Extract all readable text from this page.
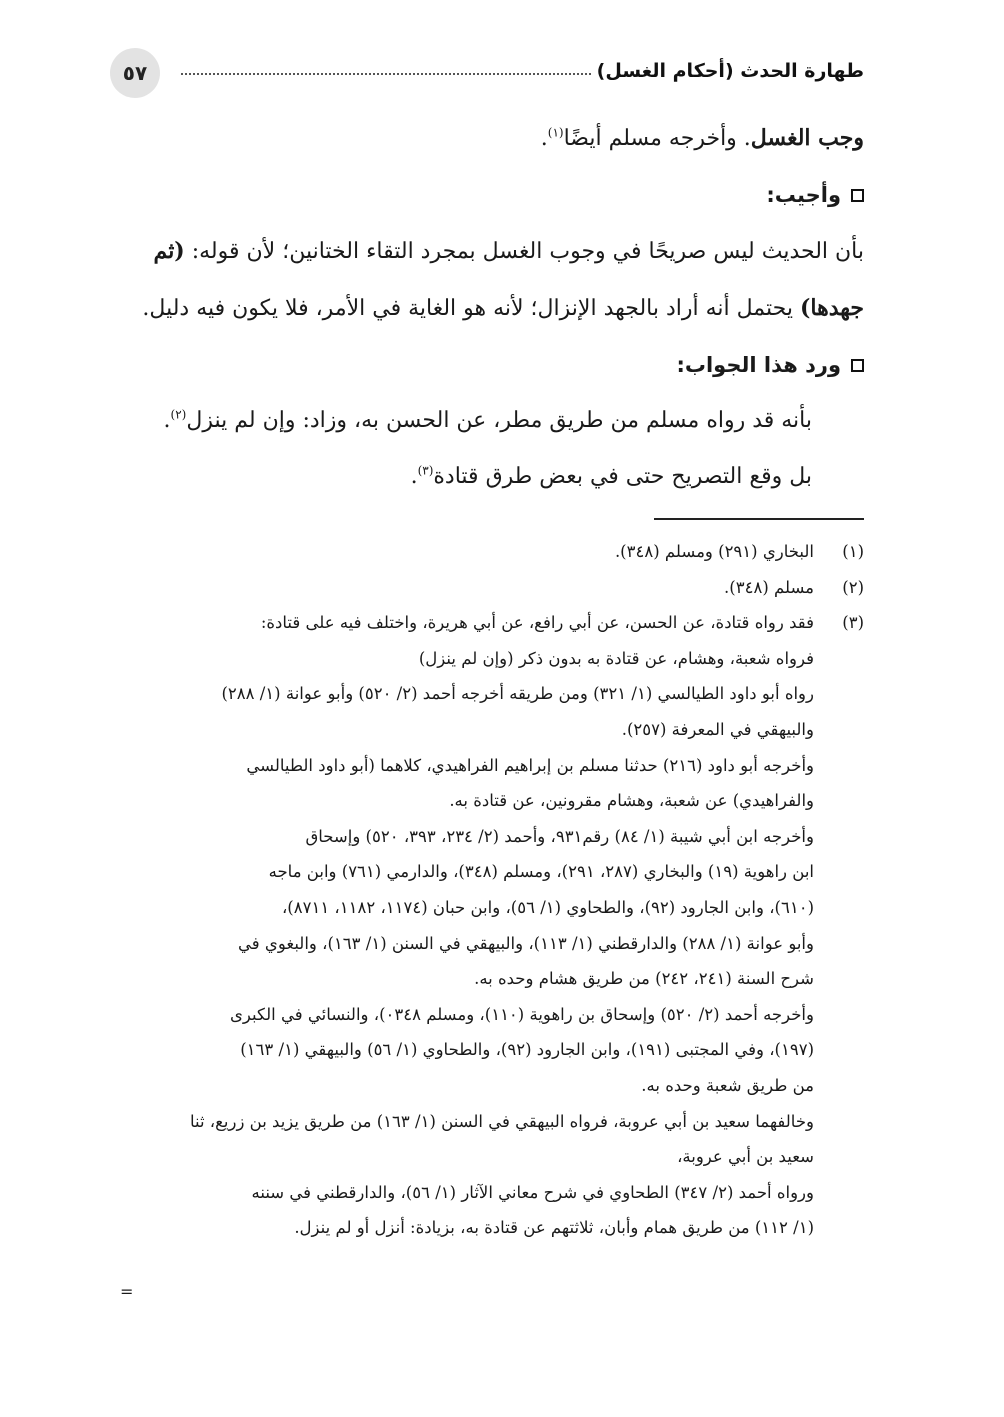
٥٧	طهارة الحدث (أحكام الغسل)

وجب الغسل. وأخرجه مسلم أيضًا$^{(١)}$.

وأجيب:

بأن الحديث ليس صريحًا في وجوب الغسل بمجرد التقاء الختانين؛ لأن قوله: (ثم
جهدها) يحتمل أنه أراد بالجهد الإنزال؛ لأنه هو الغاية في الأمر، فلا يكون فيه دليل.

ورد هذا الجواب:

بأنه قد رواه مسلم من طريق مطر، عن الحسن به، وزاد: وإن لم ينزل$^{(٢)}$.

بل وقع التصريح حتى في بعض طرق قتادة$^{(٣)}$.

(١)
البخاري (٢٩١) ومسلم (٣٤٨).
(٢)
مسلم (٣٤٨).
(٣)
فقد رواه قتادة، عن الحسن، عن أبي رافع، عن أبي هريرة، واختلف فيه على قتادة:
فرواه شعبة، وهشام، عن قتادة به بدون ذكر (وإن لم ينزل)
رواه أبو داود الطيالسي (١/ ٣٢١) ومن طريقه أخرجه أحمد (٢/ ٥٢٠) وأبو عوانة (١/ ٢٨٨)
والبيهقي في المعرفة (٢٥٧).
وأخرجه أبو داود (٢١٦) حدثنا مسلم بن إبراهيم الفراهيدي، كلاهما (أبو داود الطيالسي
والفراهيدي) عن شعبة، وهشام مقرونين، عن قتادة به.
وأخرجه ابن أبي شيبة (١/ ٨٤) رقم٩٣١، وأحمد (٢/ ٢٣٤، ٣٩٣، ٥٢٠) وإسحاق
ابن راهوية (١٩) والبخاري (٢٨٧، ٢٩١)، ومسلم (٣٤٨)، والدارمي (٧٦١) وابن ماجه
(٦١٠)، وابن الجارود (٩٢)، والطحاوي (١/ ٥٦)، وابن حبان (١١٧٤، ١١٨٢، ٨٧١١)،
وأبو عوانة (١/ ٢٨٨) والدارقطني (١/ ١١٣)، والبيهقي في السنن (١/ ١٦٣)، والبغوي في
شرح السنة (٢٤١، ٢٤٢) من طريق هشام وحده به.
وأخرجه أحمد (٢/ ٥٢٠) وإسحاق بن راهوية (١١٠)، ومسلم ٠٣٤٨)، والنسائي في الكبرى
(١٩٧)، وفي المجتبى (١٩١)، وابن الجارود (٩٢)، والطحاوي (١/ ٥٦) والبيهقي (١/ ١٦٣)
من طريق شعبة وحده به.
وخالفهما سعيد بن أبي عروبة، فرواه البيهقي في السنن (١/ ١٦٣) من طريق يزيد بن زريع، ثنا
سعيد بن أبي عروبة،
ورواه أحمد (٢/ ٣٤٧) الطحاوي في شرح معاني الآثار (١/ ٥٦)، والدارقطني في سننه
(١/ ١١٢) من طريق همام وأبان، ثلاثتهم عن قتادة به، بزيادة: أنزل أو لم ينزل.
=
